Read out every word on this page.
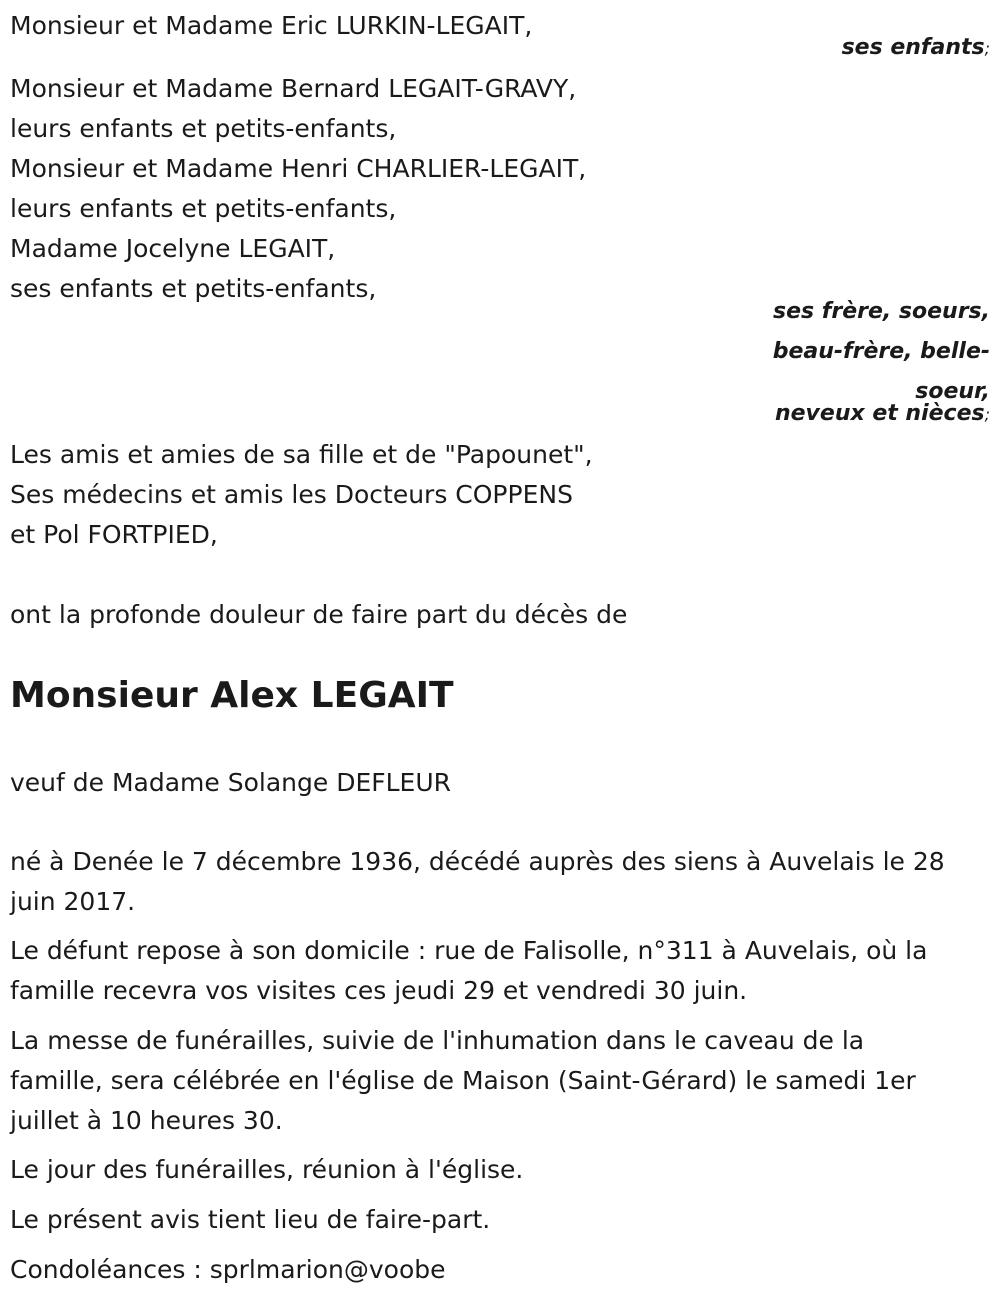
Monsieur et Madame Eric LURKIN-LEGAIT,
ses enfants;
Monsieur et Madame Bernard LEGAIT-GRAVY,
leurs enfants et petits-enfants,
Monsieur et Madame Henri CHARLIER-LEGAIT,
leurs enfants et petits-enfants,
Madame Jocelyne LEGAIT,
ses enfants et petits-enfants,
ses frère, soeurs,
beau-frère, belle-
soeur,
neveux et nièces;
Les amis et amies de sa fille et de "Papounet",
Ses médecins et amis les Docteurs COPPENS
et Pol FORTPIED,
ont la profonde douleur de faire part du décès de
Monsieur Alex LEGAIT
veuf de Madame Solange DEFLEUR
né à Denée le 7 décembre 1936, décédé auprès des siens à Auvelais le 28
juin 2017.
Le défunt repose à son domicile : rue de Falisolle, n°311 à Auvelais, où la
famille recevra vos visites ces jeudi 29 et vendredi 30 juin.
La messe de funérailles, suivie de l'inhumation dans le caveau de la
famille, sera célébrée en l'église de Maison (Saint-Gérard) le samedi 1er
juillet à 10 heures 30.
Le jour des funérailles, réunion à l'église.
Le présent avis tient lieu de faire-part.
Condoléances : sprlmarion@voobe
